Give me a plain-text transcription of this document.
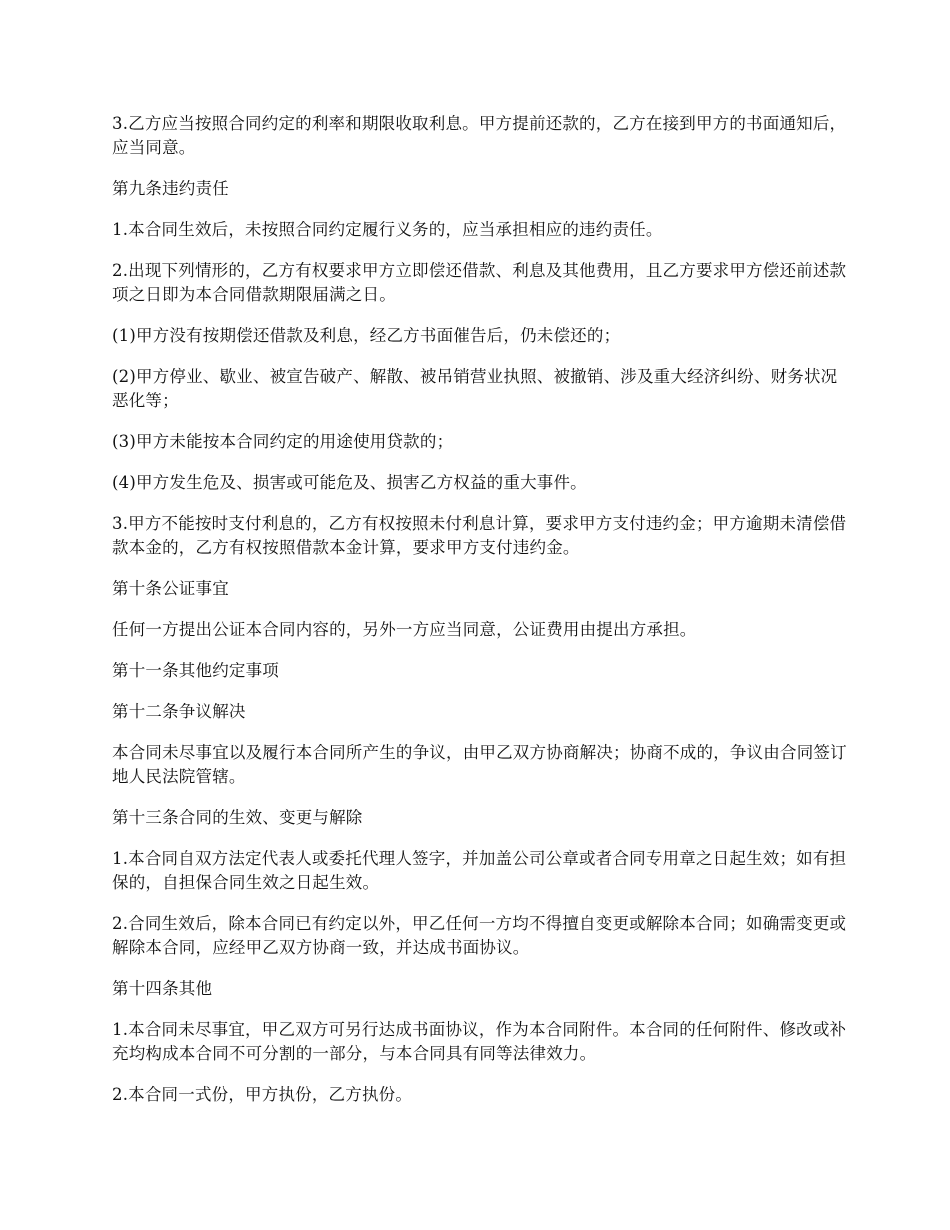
3.乙方应当按照合同约定的利率和期限收取利息。甲方提前还款的，乙方在接到甲方的书面通知后，应当同意。

第九条违约责任

1.本合同生效后，未按照合同约定履行义务的，应当承担相应的违约责任。

2.出现下列情形的，乙方有权要求甲方立即偿还借款、利息及其他费用，且乙方要求甲方偿还前述款项之日即为本合同借款期限届满之日。

(1)甲方没有按期偿还借款及利息，经乙方书面催告后，仍未偿还的；

(2)甲方停业、歇业、被宣告破产、解散、被吊销营业执照、被撤销、涉及重大经济纠纷、财务状况恶化等；

(3)甲方未能按本合同约定的用途使用贷款的；

(4)甲方发生危及、损害或可能危及、损害乙方权益的重大事件。

3.甲方不能按时支付利息的，乙方有权按照未付利息计算，要求甲方支付违约金；甲方逾期未清偿借款本金的，乙方有权按照借款本金计算，要求甲方支付违约金。

第十条公证事宜

任何一方提出公证本合同内容的，另外一方应当同意，公证费用由提出方承担。

第十一条其他约定事项

第十二条争议解决

本合同未尽事宜以及履行本合同所产生的争议，由甲乙双方协商解决；协商不成的，争议由合同签订地人民法院管辖。

第十三条合同的生效、变更与解除

1.本合同自双方法定代表人或委托代理人签字，并加盖公司公章或者合同专用章之日起生效；如有担保的，自担保合同生效之日起生效。

2.合同生效后，除本合同已有约定以外，甲乙任何一方均不得擅自变更或解除本合同；如确需变更或解除本合同，应经甲乙双方协商一致，并达成书面协议。

第十四条其他

1.本合同未尽事宜，甲乙双方可另行达成书面协议，作为本合同附件。本合同的任何附件、修改或补充均构成本合同不可分割的一部分，与本合同具有同等法律效力。

2.本合同一式份，甲方执份，乙方执份。
